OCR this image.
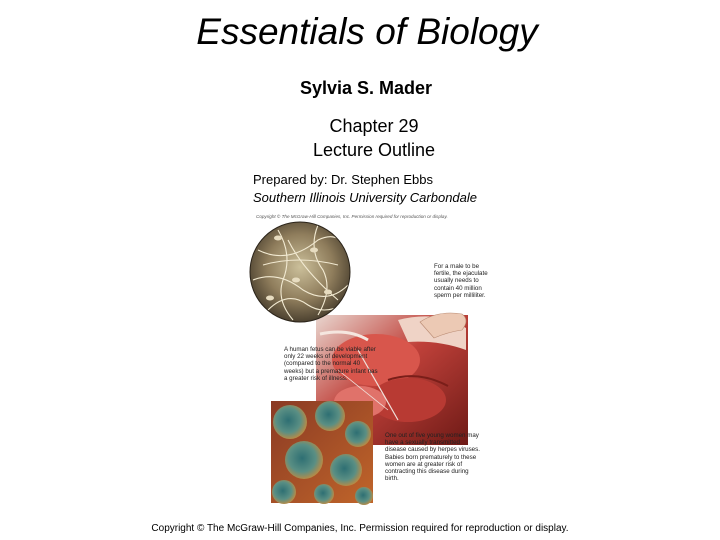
Essentials of Biology
Sylvia S. Mader
Chapter 29
Lecture Outline
Prepared by: Dr. Stephen Ebbs
Southern Illinois University Carbondale
Copyright © The McGraw-Hill Companies, Inc. Permission required for reproduction or display.
For a male to be fertile, the ejaculate usually needs to contain 40 million sperm per milliliter.
A human fetus can be viable after only 22 weeks of development (compared to the normal 40 weeks) but a premature infant has a greater risk of illness.
One out of five young women may have a sexually transmitted disease caused by herpes viruses. Babies born prematurely to these women are at greater risk of contracting this disease during birth.
Copyright © The McGraw-Hill Companies, Inc. Permission required for reproduction or display.
